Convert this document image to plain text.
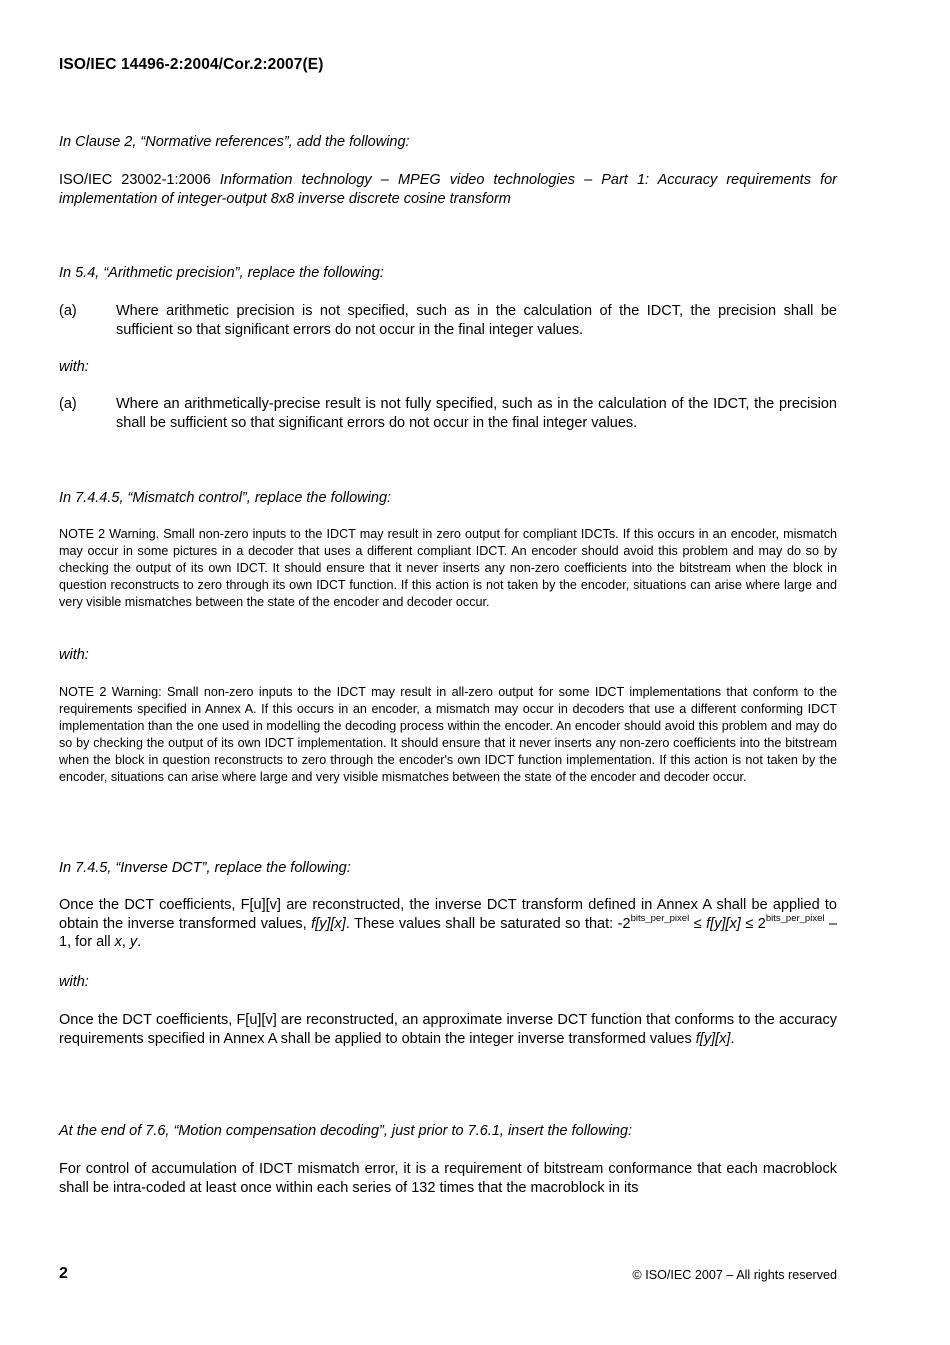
ISO/IEC 14496-2:2004/Cor.2:2007(E)
In Clause 2, “Normative references”, add the following:
ISO/IEC 23002-1:2006 Information technology – MPEG video technologies – Part 1: Accuracy requirements for implementation of integer-output 8x8 inverse discrete cosine transform
In 5.4, “Arithmetic precision”, replace the following:
(a)	Where arithmetic precision is not specified, such as in the calculation of the IDCT, the precision shall be sufficient so that significant errors do not occur in the final integer values.
with:
(a)	Where an arithmetically-precise result is not fully specified, such as in the calculation of the IDCT, the precision shall be sufficient so that significant errors do not occur in the final integer values.
In 7.4.4.5, “Mismatch control”, replace the following:
NOTE 2 Warning. Small non-zero inputs to the IDCT may result in zero output for compliant IDCTs. If this occurs in an encoder, mismatch may occur in some pictures in a decoder that uses a different compliant IDCT. An encoder should avoid this problem and may do so by checking the output of its own IDCT. It should ensure that it never inserts any non-zero coefficients into the bitstream when the block in question reconstructs to zero through its own IDCT function. If this action is not taken by the encoder, situations can arise where large and very visible mismatches between the state of the encoder and decoder occur.
with:
NOTE 2 Warning: Small non-zero inputs to the IDCT may result in all-zero output for some IDCT implementations that conform to the requirements specified in Annex A. If this occurs in an encoder, a mismatch may occur in decoders that use a different conforming IDCT implementation than the one used in modelling the decoding process within the encoder. An encoder should avoid this problem and may do so by checking the output of its own IDCT implementation. It should ensure that it never inserts any non-zero coefficients into the bitstream when the block in question reconstructs to zero through the encoder's own IDCT function implementation. If this action is not taken by the encoder, situations can arise where large and very visible mismatches between the state of the encoder and decoder occur.
In 7.4.5, “Inverse DCT”, replace the following:
Once the DCT coefficients, F[u][v] are reconstructed, the inverse DCT transform defined in Annex A shall be applied to obtain the inverse transformed values, f[y][x]. These values shall be saturated so that: $-2^{bits\_per\_pixel} \le f[y][x] \le 2^{bits\_per\_pixel} - 1$, for all x, y.
with:
Once the DCT coefficients, F[u][v] are reconstructed, an approximate inverse DCT function that conforms to the accuracy requirements specified in Annex A shall be applied to obtain the integer inverse transformed values f[y][x].
At the end of 7.6, “Motion compensation decoding”, just prior to 7.6.1, insert the following:
For control of accumulation of IDCT mismatch error, it is a requirement of bitstream conformance that each macroblock shall be intra-coded at least once within each series of 132 times that the macroblock in its
2	© ISO/IEC 2007 – All rights reserved
